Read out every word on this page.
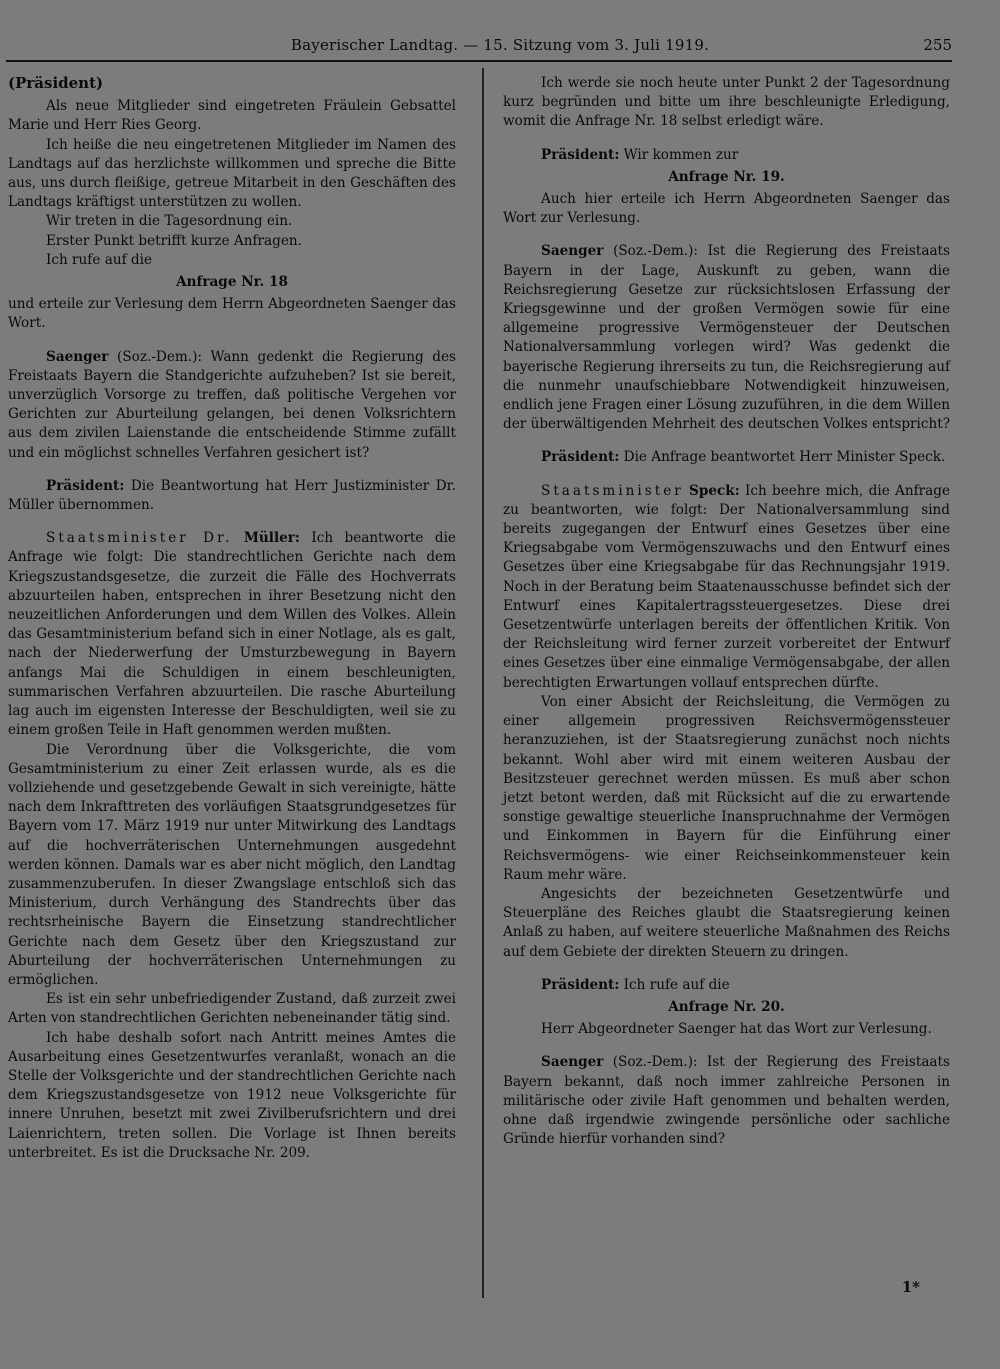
Bayerischer Landtag. — 15. Sitzung vom 3. Juli 1919.	255

(Präsident)

Als neue Mitglieder sind eingetreten Fräulein Gebsattel Marie und Herr Ries Georg.

Ich heiße die neu eingetretenen Mitglieder im Namen des Landtags auf das herzlichste willkommen und spreche die Bitte aus, uns durch fleißige, getreue Mitarbeit in den Geschäften des Landtags kräftigst unterstützen zu wollen.

Wir treten in die Tagesordnung ein.

Erster Punkt betrifft kurze Anfragen.

Ich rufe auf die

Anfrage Nr. 18

und erteile zur Verlesung dem Herrn Abgeordneten Saenger das Wort.

Saenger (Soz.-Dem.): Wann gedenkt die Regierung des Freistaats Bayern die Standgerichte aufzuheben? Ist sie bereit, unverzüglich Vorsorge zu treffen, daß politische Vergehen vor Gerichten zur Aburteilung gelangen, bei denen Volksrichtern aus dem zivilen Laienstande die entscheidende Stimme zufällt und ein möglichst schnelles Verfahren gesichert ist?

Präsident: Die Beantwortung hat Herr Justizminister Dr. Müller übernommen.

Staatsminister Dr. Müller: Ich beantworte die Anfrage wie folgt: Die standrechtlichen Gerichte nach dem Kriegszustandsgesetze, die zurzeit die Fälle des Hochverrats abzuurteilen haben, entsprechen in ihrer Besetzung nicht den neuzeitlichen Anforderungen und dem Willen des Volkes. Allein das Gesamtministerium befand sich in einer Notlage, als es galt, nach der Niederwerfung der Umsturzbewegung in Bayern anfangs Mai die Schuldigen in einem beschleunigten, summarischen Verfahren abzuurteilen. Die rasche Aburteilung lag auch im eigensten Interesse der Beschuldigten, weil sie zu einem großen Teile in Haft genommen werden mußten.

Die Verordnung über die Volksgerichte, die vom Gesamtministerium zu einer Zeit erlassen wurde, als es die vollziehende und gesetzgebende Gewalt in sich vereinigte, hätte nach dem Inkrafttreten des vorläufigen Staatsgrundgesetzes für Bayern vom 17. März 1919 nur unter Mitwirkung des Landtags auf die hochverräterischen Unternehmungen ausgedehnt werden können. Damals war es aber nicht möglich, den Landtag zusammenzuberufen. In dieser Zwangslage entschloß sich das Ministerium, durch Verhängung des Standrechts über das rechtsrheinische Bayern die Einsetzung standrechtlicher Gerichte nach dem Gesetz über den Kriegszustand zur Aburteilung der hochverräterischen Unternehmungen zu ermöglichen.

Es ist ein sehr unbefriedigender Zustand, daß zurzeit zwei Arten von standrechtlichen Gerichten nebeneinander tätig sind.

Ich habe deshalb sofort nach Antritt meines Amtes die Ausarbeitung eines Gesetzentwurfes veranlaßt, wonach an die Stelle der Volksgerichte und der standrechtlichen Gerichte nach dem Kriegszustandsgesetze von 1912 neue Volksgerichte für innere Unruhen, besetzt mit zwei Zivilberufsrichtern und drei Laienrichtern, treten sollen. Die Vorlage ist Ihnen bereits unterbreitet. Es ist die Drucksache Nr. 209.

Ich werde sie noch heute unter Punkt 2 der Tagesordnung kurz begründen und bitte um ihre beschleunigte Erledigung, womit die Anfrage Nr. 18 selbst erledigt wäre.

Präsident: Wir kommen zur

Anfrage Nr. 19.

Auch hier erteile ich Herrn Abgeordneten Saenger das Wort zur Verlesung.

Saenger (Soz.-Dem.): Ist die Regierung des Freistaats Bayern in der Lage, Auskunft zu geben, wann die Reichsregierung Gesetze zur rücksichtslosen Erfassung der Kriegsgewinne und der großen Vermögen sowie für eine allgemeine progressive Vermögensteuer der Deutschen Nationalversammlung vorlegen wird? Was gedenkt die bayerische Regierung ihrerseits zu tun, die Reichsregierung auf die nunmehr unaufschiebbare Notwendigkeit hinzuweisen, endlich jene Fragen einer Lösung zuzuführen, in die dem Willen der überwältigenden Mehrheit des deutschen Volkes entspricht?

Präsident: Die Anfrage beantwortet Herr Minister Speck.

Staatsminister Speck: Ich beehre mich, die Anfrage zu beantworten, wie folgt: Der Nationalversammlung sind bereits zugegangen der Entwurf eines Gesetzes über eine Kriegsabgabe vom Vermögenszuwachs und den Entwurf eines Gesetzes über eine Kriegsabgabe für das Rechnungsjahr 1919. Noch in der Beratung beim Staatenausschusse befindet sich der Entwurf eines Kapitalertragssteuergesetzes. Diese drei Gesetzentwürfe unterlagen bereits der öffentlichen Kritik. Von der Reichsleitung wird ferner zurzeit vorbereitet der Entwurf eines Gesetzes über eine einmalige Vermögensabgabe, der allen berechtigten Erwartungen vollauf entsprechen dürfte.

Von einer Absicht der Reichsleitung, die Vermögen zu einer allgemein progressiven Reichsvermögenssteuer heranzuziehen, ist der Staatsregierung zunächst noch nichts bekannt. Wohl aber wird mit einem weiteren Ausbau der Besitzsteuer gerechnet werden müssen. Es muß aber schon jetzt betont werden, daß mit Rücksicht auf die zu erwartende sonstige gewaltige steuerliche Inanspruchnahme der Vermögen und Einkommen in Bayern für die Einführung einer Reichsvermögens- wie einer Reichseinkommensteuer kein Raum mehr wäre.

Angesichts der bezeichneten Gesetzentwürfe und Steuerpläne des Reiches glaubt die Staatsregierung keinen Anlaß zu haben, auf weitere steuerliche Maßnahmen des Reichs auf dem Gebiete der direkten Steuern zu dringen.

Präsident: Ich rufe auf die

Anfrage Nr. 20.

Herr Abgeordneter Saenger hat das Wort zur Verlesung.

Saenger (Soz.-Dem.): Ist der Regierung des Freistaats Bayern bekannt, daß noch immer zahlreiche Personen in militärische oder zivile Haft genommen und behalten werden, ohne daß irgendwie zwingende persönliche oder sachliche Gründe hierfür vorhanden sind?

1*
